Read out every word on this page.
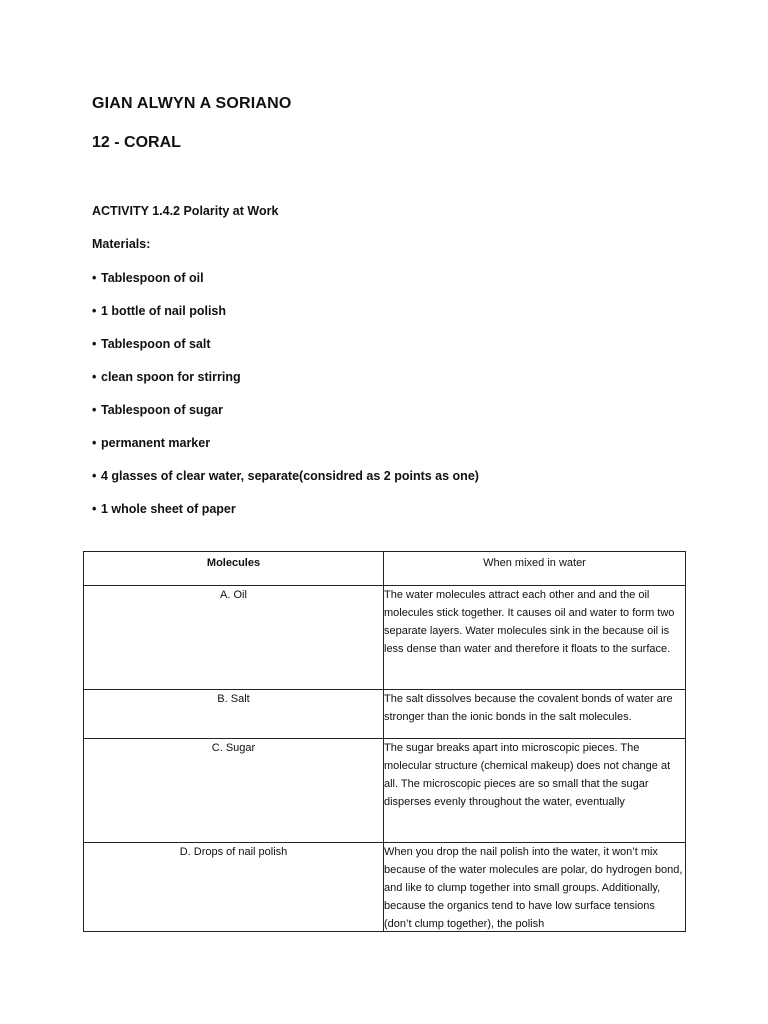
GIAN ALWYN A SORIANO
12 - CORAL
ACTIVITY 1.4.2 Polarity at Work
Materials:
• Tablespoon of oil
• 1 bottle of nail polish
• Tablespoon of salt
• clean spoon for stirring
• Tablespoon of sugar
• permanent marker
• 4 glasses of clear water, separate(considred as 2 points as one)
• 1 whole sheet of paper
Molecules	When mixed in water
A. Oil	The water molecules attract each other and and the oil molecules stick together. It causes oil and water to form two separate layers. Water molecules sink in the because oil is less dense than water and therefore it floats to the surface.
B. Salt	The salt dissolves because the covalent bonds of water are stronger than the ionic bonds in the salt molecules.
C. Sugar	The sugar breaks apart into microscopic pieces. The molecular structure (chemical makeup) does not change at all. The microscopic pieces are so small that the sugar disperses evenly throughout the water, eventually
D. Drops of nail polish	When you drop the nail polish into the water, it won’t mix because of the water molecules are polar, do hydrogen bond, and like to clump together into small groups. Additionally, because the organics tend to have low surface tensions (don’t clump together), the polish
